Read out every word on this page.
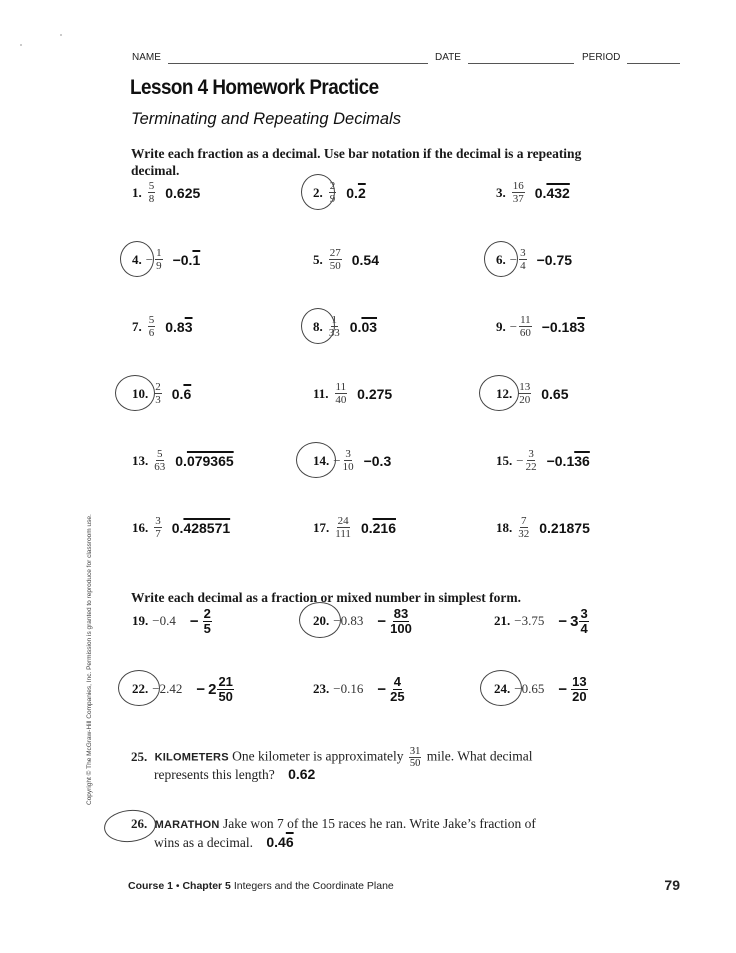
NAME	DATE	PERIOD
Lesson 4 Homework Practice
Terminating and Repeating Decimals
Write each fraction as a decimal. Use bar notation if the decimal is a repeating decimal.
1. $\frac{5}{8} 0.625$	2. $\frac{2}{9} 0.2$	3. $\frac{16}{37} 0.432$
4. − $\frac{1}{9} -0.1$	5. $\frac{27}{50} 0.54$	6. − $\frac{3}{4} -0.75$
7. $\frac{5}{6} 0.83$	8. $\frac{1}{33} 0.03$	9. − $\frac{11}{60} -0.183$
10. $\frac{2}{3} 0.6$	11. $\frac{11}{40} 0.275$	12. $\frac{13}{20} 0.65$
13. $\frac{5}{63} 0.079365$	14. − $\frac{3}{10} -0.3$	15. − $\frac{3}{22} -0.136$
16. $\frac{3}{7} 0.428571$	17. $\frac{24}{111} 0.216$	18. $\frac{7}{32} 0.21875$
Write each decimal as a fraction or mixed number in simplest form.
19. $-0.4 - \frac{2}{5}$	20. $-0.83 - \frac{83}{100}$	21. $-3.75 - 3 \frac{3}{4}$
22. $-2.42 - 2 \frac{21}{50}$	23. $-0.16 - \frac{4}{25}$	24. $-0.65 - \frac{13}{20}$
25. KILOMETERS One kilometer is approximately $\frac{31}{50}$ mile. What decimal
represents this length? 0.62
26. MARATHON Jake won 7 of the 15 races he ran. Write Jake’s fraction of
wins as a decimal. 0.46
Course 1 • Chapter 5 Integers and the Coordinate Plane	79
Copyright © The McGraw-Hill Companies, Inc. Permission is granted to reproduce for classroom use.
